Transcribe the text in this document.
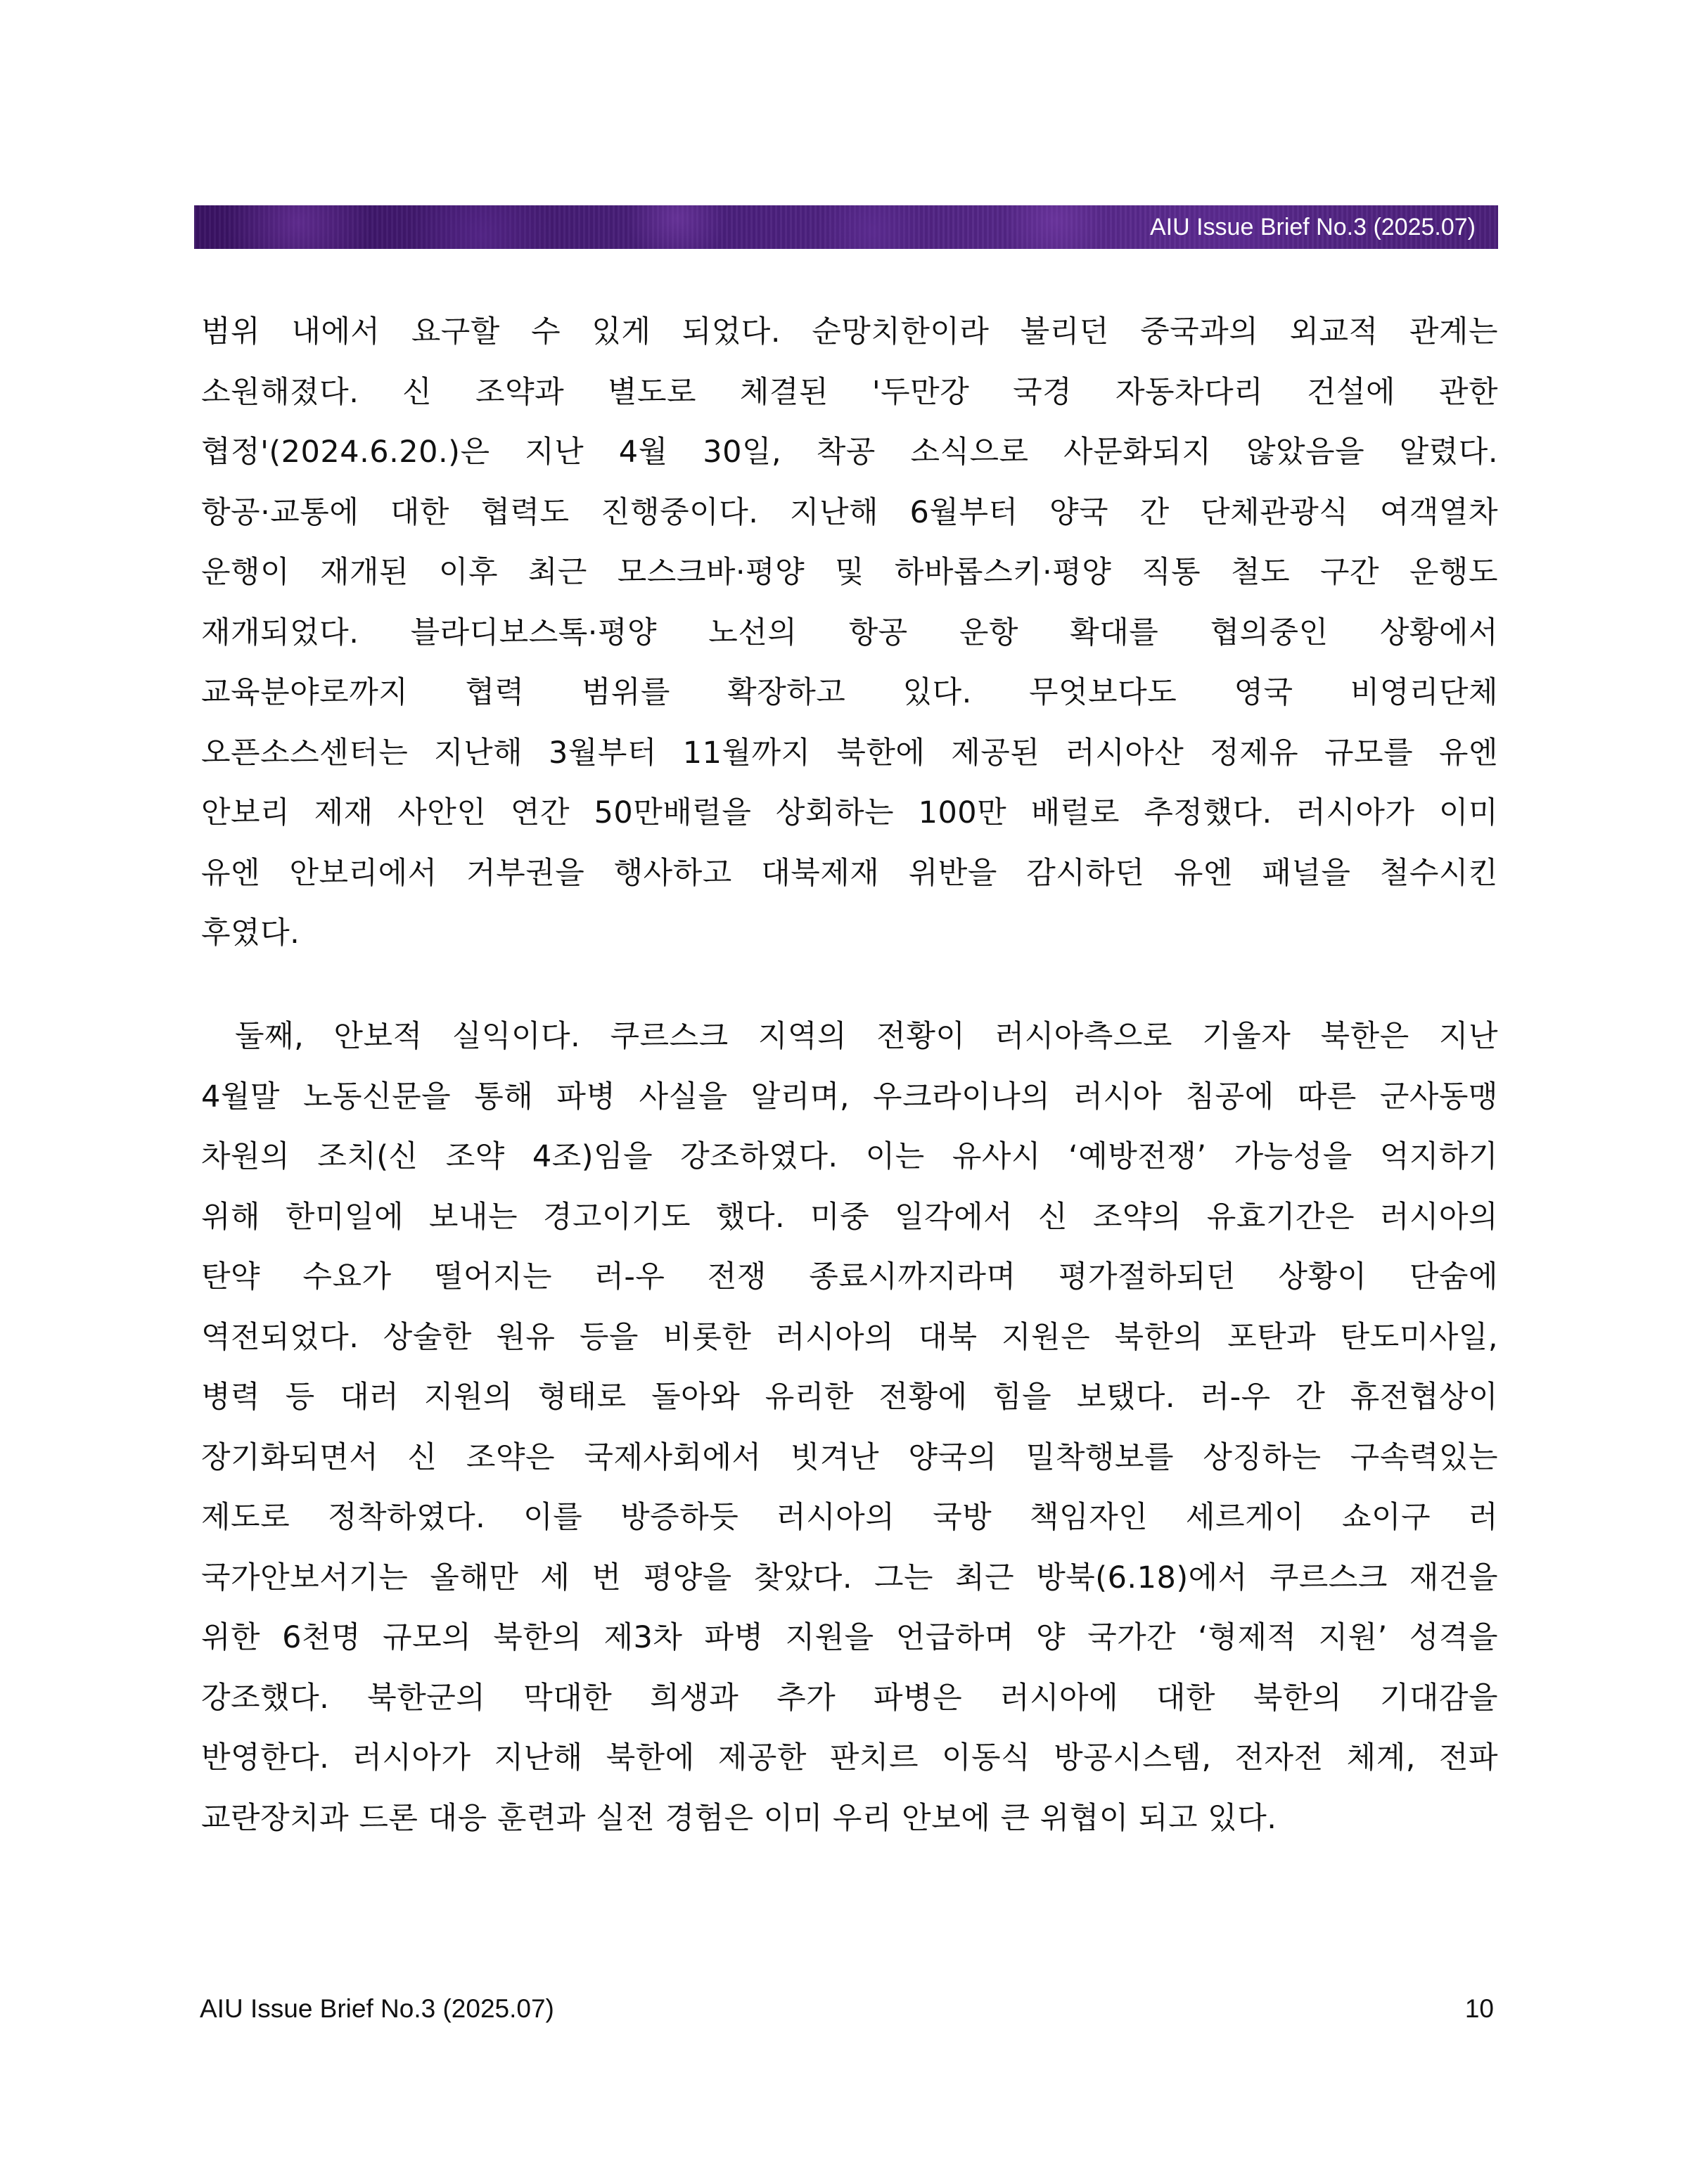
AIU Issue Brief No.3 (2025.07)
범위 내에서 요구할 수 있게 되었다. 순망치한이라 불리던 중국과의 외교적 관계는
소원해졌다. 신 조약과 별도로 체결된 '두만강 국경 자동차다리 건설에 관한
협정'(2024.6.20.)은 지난 4월 30일, 착공 소식으로 사문화되지 않았음을 알렸다.
항공·교통에 대한 협력도 진행중이다. 지난해 6월부터 양국 간 단체관광식 여객열차
운행이 재개된 이후 최근 모스크바·평양 및 하바롭스키·평양 직통 철도 구간 운행도
재개되었다. 블라디보스톡·평양 노선의 항공 운항 확대를 협의중인 상황에서
교육분야로까지 협력 범위를 확장하고 있다. 무엇보다도 영국 비영리단체
오픈소스센터는 지난해 3월부터 11월까지 북한에 제공된 러시아산 정제유 규모를 유엔
안보리 제재 사안인 연간 50만배럴을 상회하는 100만 배럴로 추정했다. 러시아가 이미
유엔 안보리에서 거부권을 행사하고 대북제재 위반을 감시하던 유엔 패널을 철수시킨
후였다.
둘째, 안보적 실익이다. 쿠르스크 지역의 전황이 러시아측으로 기울자 북한은 지난
4월말 노동신문을 통해 파병 사실을 알리며, 우크라이나의 러시아 침공에 따른 군사동맹
차원의 조치(신 조약 4조)임을 강조하였다. 이는 유사시 ‘예방전쟁’ 가능성을 억지하기
위해 한미일에 보내는 경고이기도 했다. 미중 일각에서 신 조약의 유효기간은 러시아의
탄약 수요가 떨어지는 러-우 전쟁 종료시까지라며 평가절하되던 상황이 단숨에
역전되었다. 상술한 원유 등을 비롯한 러시아의 대북 지원은 북한의 포탄과 탄도미사일,
병력 등 대러 지원의 형태로 돌아와 유리한 전황에 힘을 보탰다. 러-우 간 휴전협상이
장기화되면서 신 조약은 국제사회에서 빗겨난 양국의 밀착행보를 상징하는 구속력있는
제도로 정착하였다. 이를 방증하듯 러시아의 국방 책임자인 세르게이 쇼이구 러
국가안보서기는 올해만 세 번 평양을 찾았다. 그는 최근 방북(6.18)에서 쿠르스크 재건을
위한 6천명 규모의 북한의 제3차 파병 지원을 언급하며 양 국가간 ‘형제적 지원’ 성격을
강조했다. 북한군의 막대한 희생과 추가 파병은 러시아에 대한 북한의 기대감을
반영한다. 러시아가 지난해 북한에 제공한 판치르 이동식 방공시스템, 전자전 체계, 전파
교란장치과 드론 대응 훈련과 실전 경험은 이미 우리 안보에 큰 위협이 되고 있다.
AIU Issue Brief No.3 (2025.07)	10
